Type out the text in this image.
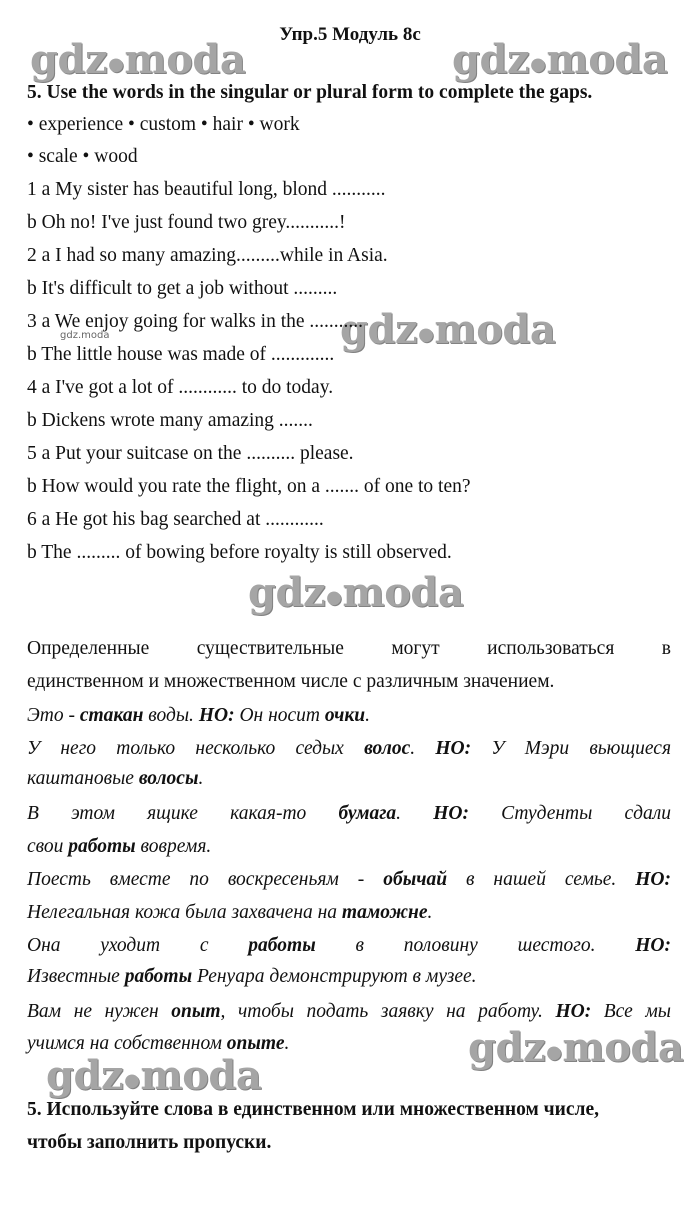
Упр.5 Модуль 8с
gdz●moda	gdz●moda
gdz●moda
gdz.moda
gdz●moda
gdz●moda
gdz●moda
5. Use the words in the singular or plural form to complete the gaps.
• experience • custom • hair • work
• scale • wood
1 a My sister has beautiful long, blond ...........
b Oh no! I've just found two grey...........!
2 a I had so many amazing.........while in Asia.
b It's difficult to get a job without .........
3 a We enjoy going for walks in the ...........
b The little house was made of .............
4 a I've got a lot of ............ to do today.
b Dickens wrote many amazing .......
5 a Put your suitcase on the .......... please.
b How would you rate the flight, on a ....... of one to ten?
6 a He got his bag searched at ............
b The ......... of bowing before royalty is still observed.
Определенные существительные могут использоваться в
единственном и множественном числе с различным значением.
Это - стакан воды. НО: Он носит очки.
У него только несколько седых волос. НО: У Мэри вьющиеся
каштановые волосы.
В этом ящике какая-то бумага. НО: Студенты сдали
свои работы вовремя.
Поесть вместе по воскресеньям - обычай в нашей семье. НО:
Нелегальная кожа была захвачена на таможне.
Она уходит с работы в половину шестого. НО:
Известные работы Ренуара демонстрируют в музее.
Вам не нужен опыт, чтобы подать заявку на работу. НО: Все мы
учимся на собственном опыте.
5. Используйте слова в единственном или множественном числе,
чтобы заполнить пропуски.
